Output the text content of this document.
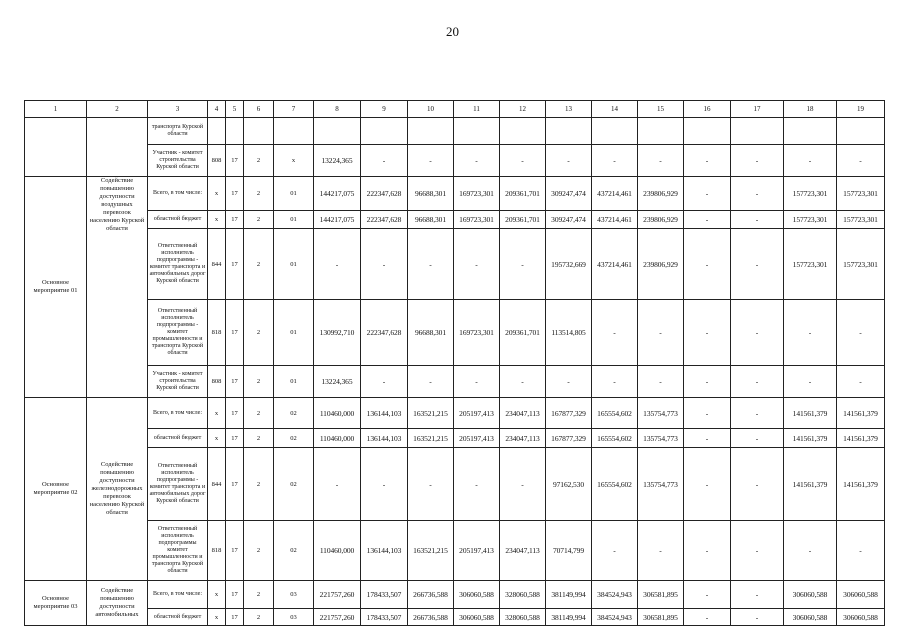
20
1	2	3	4	5	6	7	8	9	10	11	12	13	14	15	16	17	18	19
		транспорта Курской области																
		Участник - комитет строительства Курской области	808	17	2	х	13224,365	-	-	-	-	-	-	-	-	-	-	-
Основное мероприятие 01	Содействие повышению доступности воздушных перевозок населению Курской области	Всего, в том числе:	х	17	2	01	144217,075	222347,628	96688,301	169723,301	209361,701	309247,474	437214,461	239806,929	-	-	157723,301	157723,301
		областной бюджет	х	17	2	01	144217,075	222347,628	96688,301	169723,301	209361,701	309247,474	437214,461	239806,929	-	-	157723,301	157723,301
		Ответственный исполнитель подпрограммы - комитет транспорта и автомобильных дорог Курской области	844	17	2	01	-	-	-	-	-	195732,669	437214,461	239806,929	-	-	157723,301	157723,301
		Ответственный исполнитель подпрограммы - комитет промышленности и транспорта Курской области	818	17	2	01	130992,710	222347,628	96688,301	169723,301	209361,701	113514,805	-	-	-	-	-	-
		Участник - комитет строительства Курской области	808	17	2	01	13224,365	-	-	-	-	-	-	-	-	-	-	-
Основное мероприятие 02	Содействие повышению доступности железнодорожных перевозок населению Курской области	Всего, в том числе:	х	17	2	02	110460,000	136144,103	163521,215	205197,413	234047,113	167877,329	165554,602	135754,773	-	-	141561,379	141561,379
		областной бюджет	х	17	2	02	110460,000	136144,103	163521,215	205197,413	234047,113	167877,329	165554,602	135754,773	-	-	141561,379	141561,379
		Ответственный исполнитель подпрограммы - комитет транспорта и автомобильных дорог Курской области	844	17	2	02	-	-	-	-	-	97162,530	165554,602	135754,773	-	-	141561,379	141561,379
		Ответственный исполнитель подпрограммы комитет промышленности и транспорта Курской области	818	17	2	02	110460,000	136144,103	163521,215	205197,413	234047,113	70714,799	-	-	-	-	-	-
Основное мероприятие 03	Содействие повышению доступности автомобильных	Всего, в том числе:	х	17	2	03	221757,260	178433,507	266736,588	306060,588	328060,588	381149,994	384524,943	306581,895	-	-	306060,588	306060,588
		областной бюджет	х	17	2	03	221757,260	178433,507	266736,588	306060,588	328060,588	381149,994	384524,943	306581,895	-	-	306060,588	306060,588
